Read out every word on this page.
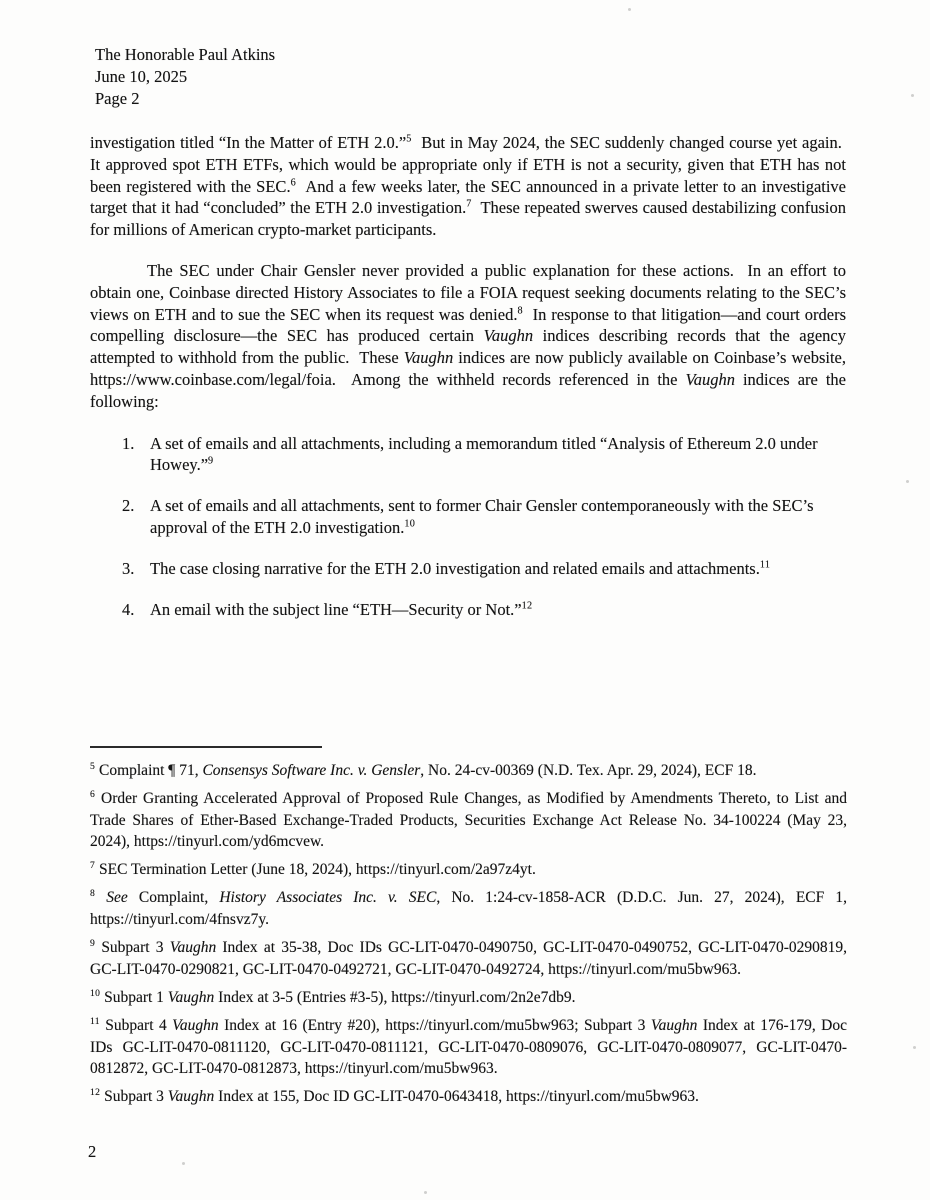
The Honorable Paul Atkins
June 10, 2025
Page 2

investigation titled “In the Matter of ETH 2.0.”$^5$  But in May 2024, the SEC suddenly changed course yet again.  It approved spot ETH ETFs, which would be appropriate only if ETH is not a security, given that ETH has not been registered with the SEC.$^6$  And a few weeks later, the SEC announced in a private letter to an investigative target that it had “concluded” the ETH 2.0 investigation.$^7$  These repeated swerves caused destabilizing confusion for millions of American crypto-market participants.

The SEC under Chair Gensler never provided a public explanation for these actions.  In an effort to obtain one, Coinbase directed History Associates to file a FOIA request seeking documents relating to the SEC’s views on ETH and to sue the SEC when its request was denied.$^8$  In response to that litigation—and court orders compelling disclosure—the SEC has produced certain Vaughn indices describing records that the agency attempted to withhold from the public.  These Vaughn indices are now publicly available on Coinbase’s website, https://www.coinbase.com/legal/foia.  Among the withheld records referenced in the Vaughn indices are the following:

1. A set of emails and all attachments, including a memorandum titled “Analysis of Ethereum 2.0 under Howey.”$^9$
2. A set of emails and all attachments, sent to former Chair Gensler contemporaneously with the SEC’s approval of the ETH 2.0 investigation.$^{10}$
3. The case closing narrative for the ETH 2.0 investigation and related emails and attachments.$^{11}$
4. An email with the subject line “ETH—Security or Not.”$^{12}$

$^5$ Complaint ¶ 71, Consensys Software Inc. v. Gensler, No. 24-cv-00369 (N.D. Tex. Apr. 29, 2024), ECF 18.

$^6$ Order Granting Accelerated Approval of Proposed Rule Changes, as Modified by Amendments Thereto, to List and Trade Shares of Ether-Based Exchange-Traded Products, Securities Exchange Act Release No. 34-100224 (May 23, 2024), https://tinyurl.com/yd6mcvew.

$^7$ SEC Termination Letter (June 18, 2024), https://tinyurl.com/2a97z4yt.

$^8$ See Complaint, History Associates Inc. v. SEC, No. 1:24-cv-1858-ACR (D.D.C. Jun. 27, 2024), ECF 1, https://tinyurl.com/4fnsvz7y.

$^9$ Subpart 3 Vaughn Index at 35-38, Doc IDs GC-LIT-0470-0490750, GC-LIT-0470-0490752, GC-LIT-0470-0290819, GC-LIT-0470-0290821, GC-LIT-0470-0492721, GC-LIT-0470-0492724, https://tinyurl.com/mu5bw963.

$^{10}$ Subpart 1 Vaughn Index at 3-5 (Entries #3-5), https://tinyurl.com/2n2e7db9.

$^{11}$ Subpart 4 Vaughn Index at 16 (Entry #20), https://tinyurl.com/mu5bw963; Subpart 3 Vaughn Index at 176-179, Doc IDs GC-LIT-0470-0811120, GC-LIT-0470-0811121, GC-LIT-0470-0809076, GC-LIT-0470-0809077, GC-LIT-0470-0812872, GC-LIT-0470-0812873, https://tinyurl.com/mu5bw963.

$^{12}$ Subpart 3 Vaughn Index at 155, Doc ID GC-LIT-0470-0643418, https://tinyurl.com/mu5bw963.

2
